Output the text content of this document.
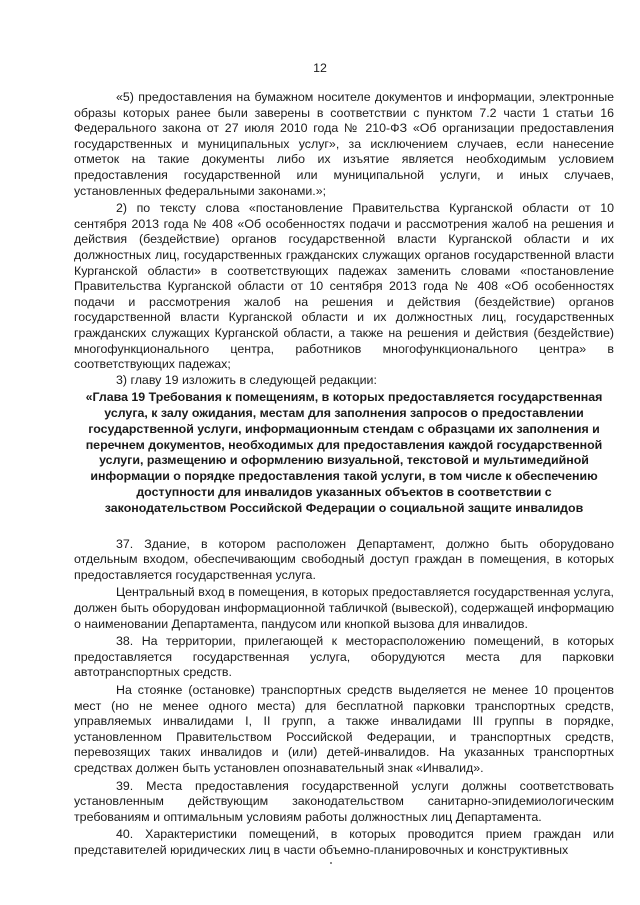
12

«5) предоставления на бумажном носителе документов и информации, электронные образы которых ранее были заверены в соответствии с пунктом 7.2 части 1 статьи 16 Федерального закона от 27 июля 2010 года № 210-ФЗ «Об организации предоставления государственных и муниципальных услуг», за исключением случаев, если нанесение отметок на такие документы либо их изъятие является необходимым условием предоставления государственной или муниципальной услуги, и иных случаев, установленных федеральными законами.»;

2) по тексту слова «постановление Правительства Курганской области от 10 сентября 2013 года № 408 «Об особенностях подачи и рассмотрения жалоб на решения и действия (бездействие) органов государственной власти Курганской области и их должностных лиц, государственных гражданских служащих органов государственной власти Курганской области» в соответствующих падежах заменить словами «постановление Правительства Курганской области от 10 сентября 2013 года № 408 «Об особенностях подачи и рассмотрения жалоб на решения и действия (бездействие) органов государственной власти Курганской области и их должностных лиц, государственных гражданских служащих Курганской области, а также на решения и действия (бездействие) многофункционального центра, работников многофункционального центра» в соответствующих падежах;

3) главу 19 изложить в следующей редакции:

«Глава 19 Требования к помещениям, в которых предоставляется государственная услуга, к залу ожидания, местам для заполнения запросов о предоставлении государственной услуги, информационным стендам с образцами их заполнения и перечнем документов, необходимых для предоставления каждой государственной услуги, размещению и оформлению визуальной, текстовой и мультимедийной информации о порядке предоставления такой услуги, в том числе к обеспечению доступности для инвалидов указанных объектов в соответствии с законодательством Российской Федерации о социальной защите инвалидов

37. Здание, в котором расположен Департамент, должно быть оборудовано отдельным входом, обеспечивающим свободный доступ граждан в помещения, в которых предоставляется государственная услуга.

Центральный вход в помещения, в которых предоставляется государственная услуга, должен быть оборудован информационной табличкой (вывеской), содержащей информацию о наименовании Департамента, пандусом или кнопкой вызова для инвалидов.

38. На территории, прилегающей к месторасположению помещений, в которых предоставляется государственная услуга, оборудуются места для парковки автотранспортных средств.

На стоянке (остановке) транспортных средств выделяется не менее 10 процентов мест (но не менее одного места) для бесплатной парковки транспортных средств, управляемых инвалидами I, II групп, а также инвалидами III группы в порядке, установленном Правительством Российской Федерации, и транспортных средств, перевозящих таких инвалидов и (или) детей-инвалидов. На указанных транспортных средствах должен быть установлен опознавательный знак «Инвалид».

39. Места предоставления государственной услуги должны соответствовать установленным действующим законодательством санитарно-эпидемиологическим требованиям и оптимальным условиям работы должностных лиц Департамента.

40. Характеристики помещений, в которых проводится прием граждан или представителей юридических лиц в части объемно-планировочных и конструктивных
